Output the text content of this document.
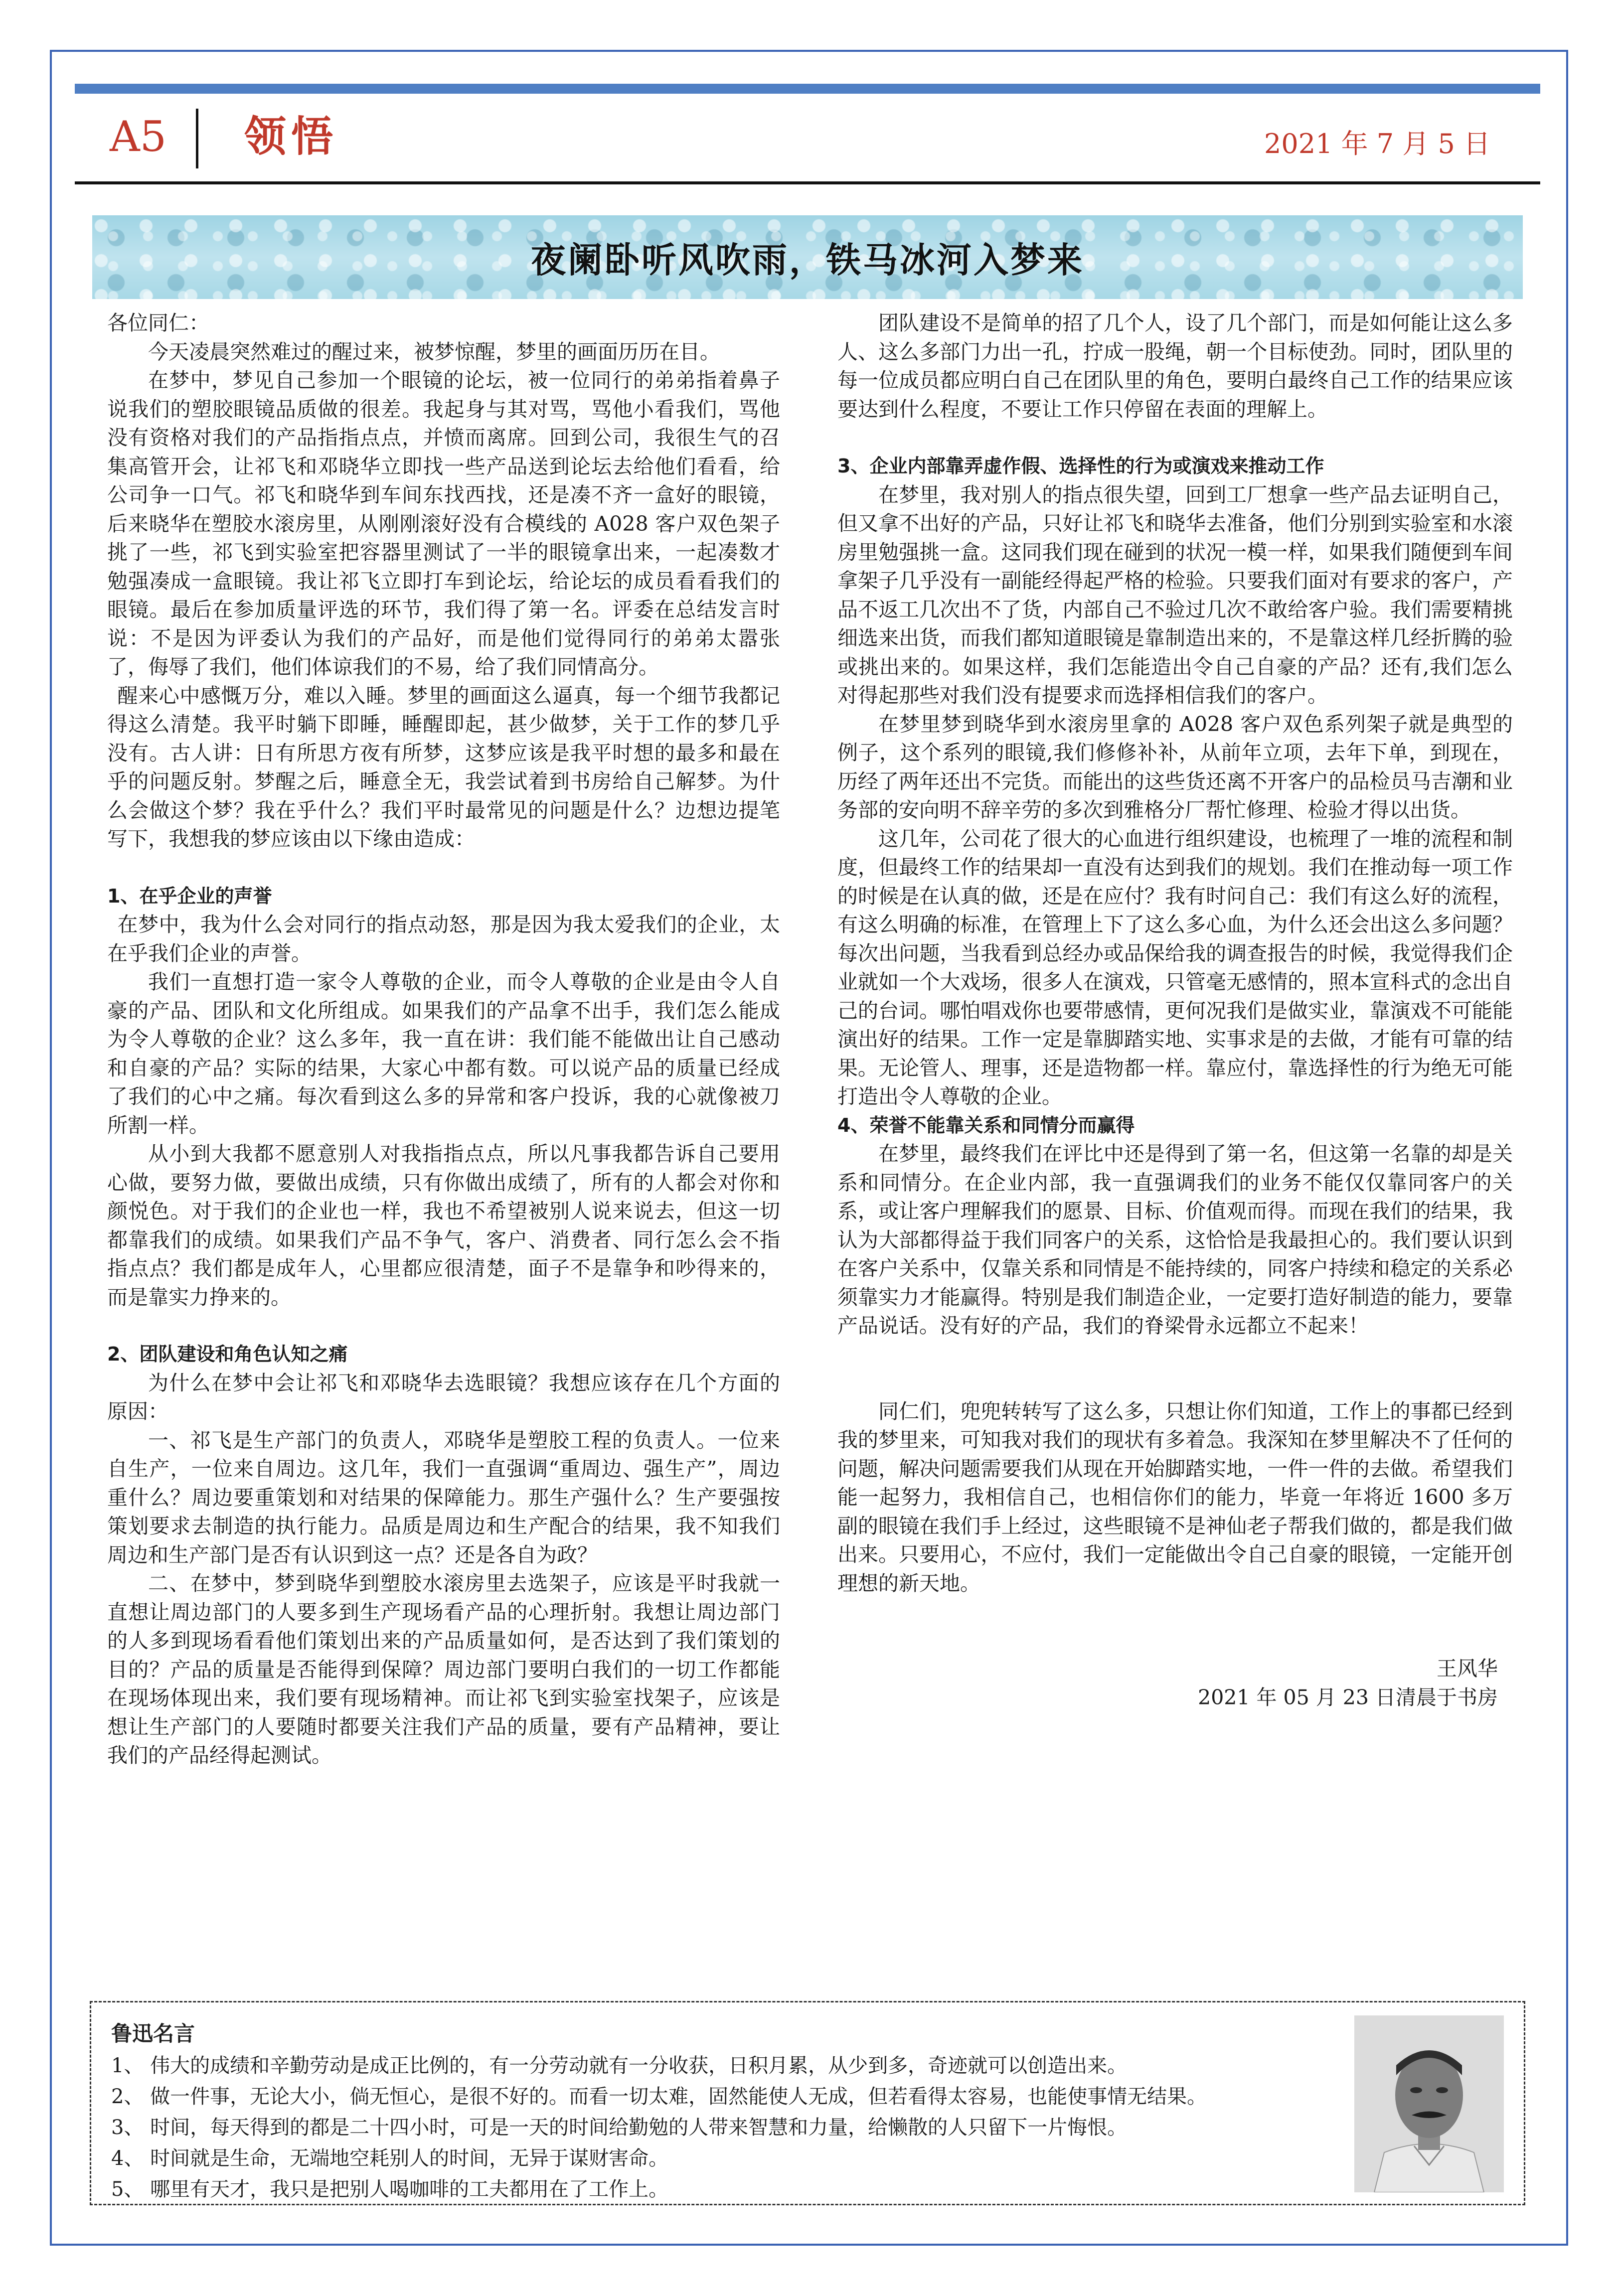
A5 领悟	2021 年 7 月 5 日
夜阑卧听风吹雨，铁马冰河入梦来

各位同仁：

今天凌晨突然难过的醒过来，被梦惊醒，梦里的画面历历在目。

在梦中，梦见自己参加一个眼镜的论坛，被一位同行的弟弟指着鼻子说我们的塑胶眼镜品质做的很差。我起身与其对骂，骂他小看我们，骂他没有资格对我们的产品指指点点，并愤而离席。回到公司，我很生气的召集高管开会，让祁飞和邓晓华立即找一些产品送到论坛去给他们看看，给公司争一口气。祁飞和晓华到车间东找西找，还是凑不齐一盒好的眼镜，后来晓华在塑胶水滚房里，从刚刚滚好没有合模线的 A028 客户双色架子挑了一些，祁飞到实验室把容器里测试了一半的眼镜拿出来，一起凑数才勉强凑成一盒眼镜。我让祁飞立即打车到论坛，给论坛的成员看看我们的眼镜。最后在参加质量评选的环节，我们得了第一名。评委在总结发言时说：不是因为评委认为我们的产品好，而是他们觉得同行的弟弟太嚣张了，侮辱了我们，他们体谅我们的不易，给了我们同情高分。

醒来心中感慨万分，难以入睡。梦里的画面这么逼真，每一个细节我都记得这么清楚。我平时躺下即睡，睡醒即起，甚少做梦，关于工作的梦几乎没有。古人讲：日有所思方夜有所梦，这梦应该是我平时想的最多和最在乎的问题反射。梦醒之后，睡意全无，我尝试着到书房给自己解梦。为什么会做这个梦？我在乎什么？我们平时最常见的问题是什么？边想边提笔写下，我想我的梦应该由以下缘由造成：

1、在乎企业的声誉

在梦中，我为什么会对同行的指点动怒，那是因为我太爱我们的企业，太在乎我们企业的声誉。

我们一直想打造一家令人尊敬的企业，而令人尊敬的企业是由令人自豪的产品、团队和文化所组成。如果我们的产品拿不出手，我们怎么能成为令人尊敬的企业？这么多年，我一直在讲：我们能不能做出让自己感动和自豪的产品？实际的结果，大家心中都有数。可以说产品的质量已经成了我们的心中之痛。每次看到这么多的异常和客户投诉，我的心就像被刀所割一样。

从小到大我都不愿意别人对我指指点点，所以凡事我都告诉自己要用心做，要努力做，要做出成绩，只有你做出成绩了，所有的人都会对你和颜悦色。对于我们的企业也一样，我也不希望被别人说来说去，但这一切都靠我们的成绩。如果我们产品不争气，客户、消费者、同行怎么会不指指点点？我们都是成年人，心里都应很清楚，面子不是靠争和吵得来的，而是靠实力挣来的。

2、团队建设和角色认知之痛

为什么在梦中会让祁飞和邓晓华去选眼镜？我想应该存在几个方面的原因：

一、祁飞是生产部门的负责人，邓晓华是塑胶工程的负责人。一位来自生产，一位来自周边。这几年，我们一直强调“重周边、强生产”，周边重什么？周边要重策划和对结果的保障能力。那生产强什么？生产要强按策划要求去制造的执行能力。品质是周边和生产配合的结果，我不知我们周边和生产部门是否有认识到这一点？还是各自为政？

二、在梦中，梦到晓华到塑胶水滚房里去选架子，应该是平时我就一直想让周边部门的人要多到生产现场看产品的心理折射。我想让周边部门的人多到现场看看他们策划出来的产品质量如何，是否达到了我们策划的目的？产品的质量是否能得到保障？周边部门要明白我们的一切工作都能在现场体现出来，我们要有现场精神。而让祁飞到实验室找架子，应该是想让生产部门的人要随时都要关注我们产品的质量，要有产品精神，要让我们的产品经得起测试。

团队建设不是简单的招了几个人，设了几个部门，而是如何能让这么多人、这么多部门力出一孔，拧成一股绳，朝一个目标使劲。同时，团队里的每一位成员都应明白自己在团队里的角色，要明白最终自己工作的结果应该要达到什么程度，不要让工作只停留在表面的理解上。

3、企业内部靠弄虚作假、选择性的行为或演戏来推动工作

在梦里，我对别人的指点很失望，回到工厂想拿一些产品去证明自己，但又拿不出好的产品，只好让祁飞和晓华去准备，他们分别到实验室和水滚房里勉强挑一盒。这同我们现在碰到的状况一模一样，如果我们随便到车间拿架子几乎没有一副能经得起严格的检验。只要我们面对有要求的客户，产品不返工几次出不了货，内部自己不验过几次不敢给客户验。我们需要精挑细选来出货，而我们都知道眼镜是靠制造出来的，不是靠这样几经折腾的验或挑出来的。如果这样，我们怎能造出令自己自豪的产品？还有,我们怎么对得起那些对我们没有提要求而选择相信我们的客户。

在梦里梦到晓华到水滚房里拿的 A028 客户双色系列架子就是典型的例子，这个系列的眼镜,我们修修补补，从前年立项，去年下单，到现在，历经了两年还出不完货。而能出的这些货还离不开客户的品检员马吉潮和业务部的安向明不辞辛劳的多次到雅格分厂帮忙修理、检验才得以出货。

这几年，公司花了很大的心血进行组织建设，也梳理了一堆的流程和制度，但最终工作的结果却一直没有达到我们的规划。我们在推动每一项工作的时候是在认真的做，还是在应付？我有时问自己：我们有这么好的流程，有这么明确的标准，在管理上下了这么多心血，为什么还会出这么多问题？每次出问题，当我看到总经办或品保给我的调查报告的时候，我觉得我们企业就如一个大戏场，很多人在演戏，只管毫无感情的，照本宣科式的念出自己的台词。哪怕唱戏你也要带感情，更何况我们是做实业，靠演戏不可能能演出好的结果。工作一定是靠脚踏实地、实事求是的去做，才能有可靠的结果。无论管人、理事，还是造物都一样。靠应付，靠选择性的行为绝无可能打造出令人尊敬的企业。

4、荣誉不能靠关系和同情分而赢得

在梦里，最终我们在评比中还是得到了第一名，但这第一名靠的却是关系和同情分。在企业内部，我一直强调我们的业务不能仅仅靠同客户的关系，或让客户理解我们的愿景、目标、价值观而得。而现在我们的结果，我认为大部都得益于我们同客户的关系，这恰恰是我最担心的。我们要认识到在客户关系中，仅靠关系和同情是不能持续的，同客户持续和稳定的关系必须靠实力才能赢得。特别是我们制造企业，一定要打造好制造的能力，要靠产品说话。没有好的产品，我们的脊梁骨永远都立不起来！

同仁们，兜兜转转写了这么多，只想让你们知道，工作上的事都已经到我的梦里来，可知我对我们的现状有多着急。我深知在梦里解决不了任何的问题，解决问题需要我们从现在开始脚踏实地，一件一件的去做。希望我们能一起努力，我相信自己，也相信你们的能力，毕竟一年将近 1600 多万副的眼镜在我们手上经过，这些眼镜不是神仙老子帮我们做的，都是我们做出来。只要用心，不应付，我们一定能做出令自己自豪的眼镜，一定能开创理想的新天地。

王风华

2021 年 05 月 23 日清晨于书房

鲁迅名言
1、 伟大的成绩和辛勤劳动是成正比例的，有一分劳动就有一分收获，日积月累，从少到多，奇迹就可以创造出来。
2、 做一件事，无论大小，倘无恒心，是很不好的。而看一切太难，固然能使人无成，但若看得太容易，也能使事情无结果。
3、 时间，每天得到的都是二十四小时，可是一天的时间给勤勉的人带来智慧和力量，给懒散的人只留下一片悔恨。
4、 时间就是生命，无端地空耗别人的时间，无异于谋财害命。
5、 哪里有天才，我只是把别人喝咖啡的工夫都用在了工作上。
